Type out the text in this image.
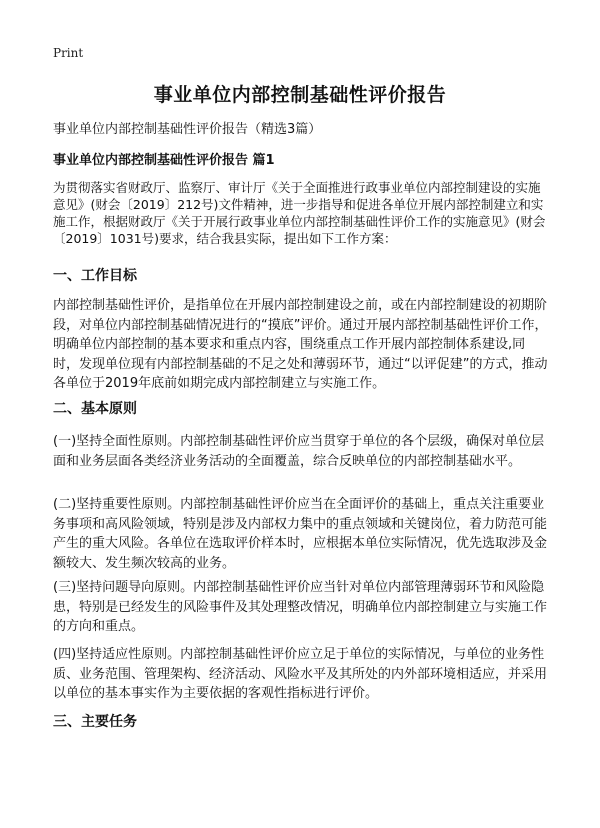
Print
事业单位内部控制基础性评价报告
事业单位内部控制基础性评价报告（精选3篇）
事业单位内部控制基础性评价报告 篇1
为贯彻落实省财政厅、监察厅、审计厅《关于全面推进行政事业单位内部控制建设的实施意见》(财会〔2019〕212号)文件精神，进一步指导和促进各单位开展内部控制建立和实施工作，根据财政厅《关于开展行政事业单位内部控制基础性评价工作的实施意见》(财会〔2019〕1031号)要求，结合我县实际，提出如下工作方案：
一、工作目标
内部控制基础性评价，是指单位在开展内部控制建设之前，或在内部控制建设的初期阶段，对单位内部控制基础情况进行的“摸底”评价。通过开展内部控制基础性评价工作，明确单位内部控制的基本要求和重点内容，围绕重点工作开展内部控制体系建设,同时，发现单位现有内部控制基础的不足之处和薄弱环节，通过“以评促建”的方式，推动各单位于2019年底前如期完成内部控制建立与实施工作。
二、基本原则
(一)坚持全面性原则。内部控制基础性评价应当贯穿于单位的各个层级，确保对单位层面和业务层面各类经济业务活动的全面覆盖，综合反映单位的内部控制基础水平。
(二)坚持重要性原则。内部控制基础性评价应当在全面评价的基础上，重点关注重要业务事项和高风险领域，特别是涉及内部权力集中的重点领域和关键岗位，着力防范可能产生的重大风险。各单位在选取评价样本时，应根据本单位实际情况，优先选取涉及金额较大、发生频次较高的业务。
(三)坚持问题导向原则。内部控制基础性评价应当针对单位内部管理薄弱环节和风险隐患，特别是已经发生的风险事件及其处理整改情况，明确单位内部控制建立与实施工作的方向和重点。
(四)坚持适应性原则。内部控制基础性评价应立足于单位的实际情况，与单位的业务性质、业务范围、管理架构、经济活动、风险水平及其所处的内外部环境相适应，并采用以单位的基本事实作为主要依据的客观性指标进行评价。
三、主要任务
